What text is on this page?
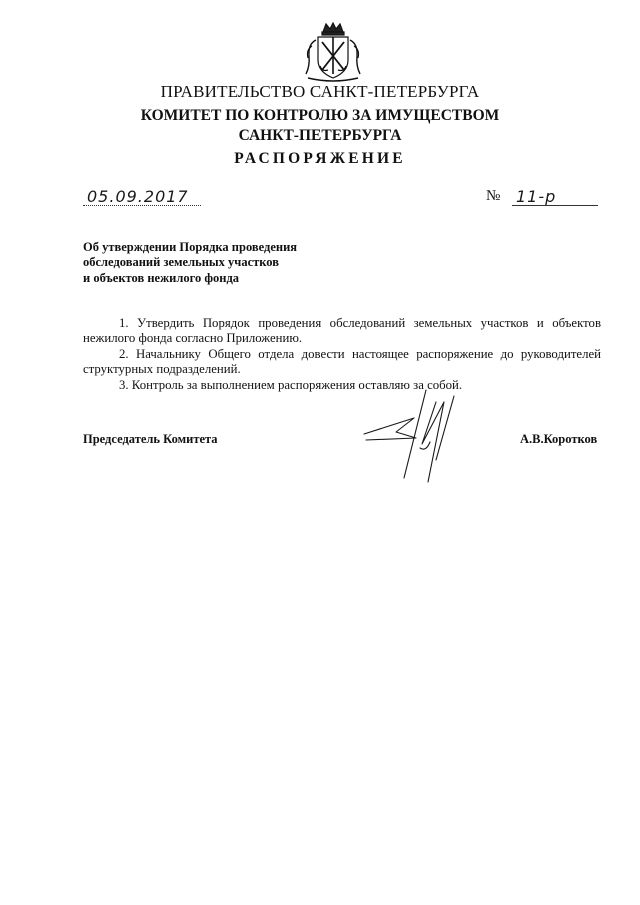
ПРАВИТЕЛЬСТВО САНКТ-ПЕТЕРБУРГА
КОМИТЕТ ПО КОНТРОЛЮ ЗА ИМУЩЕСТВОМ
САНКТ-ПЕТЕРБУРГА
РАСПОРЯЖЕНИЕ
05.09.2017	№ 11-р
Об утверждении Порядка проведения
обследований земельных участков
и объектов нежилого фонда

1. Утвердить Порядок проведения обследований земельных участков и объектов нежилого фонда согласно Приложению.

2. Начальнику Общего отдела довести настоящее распоряжение до руководителей структурных подразделений.

3. Контроль за выполнением распоряжения оставляю за собой.

Председатель Комитета	А.В.Коротков
